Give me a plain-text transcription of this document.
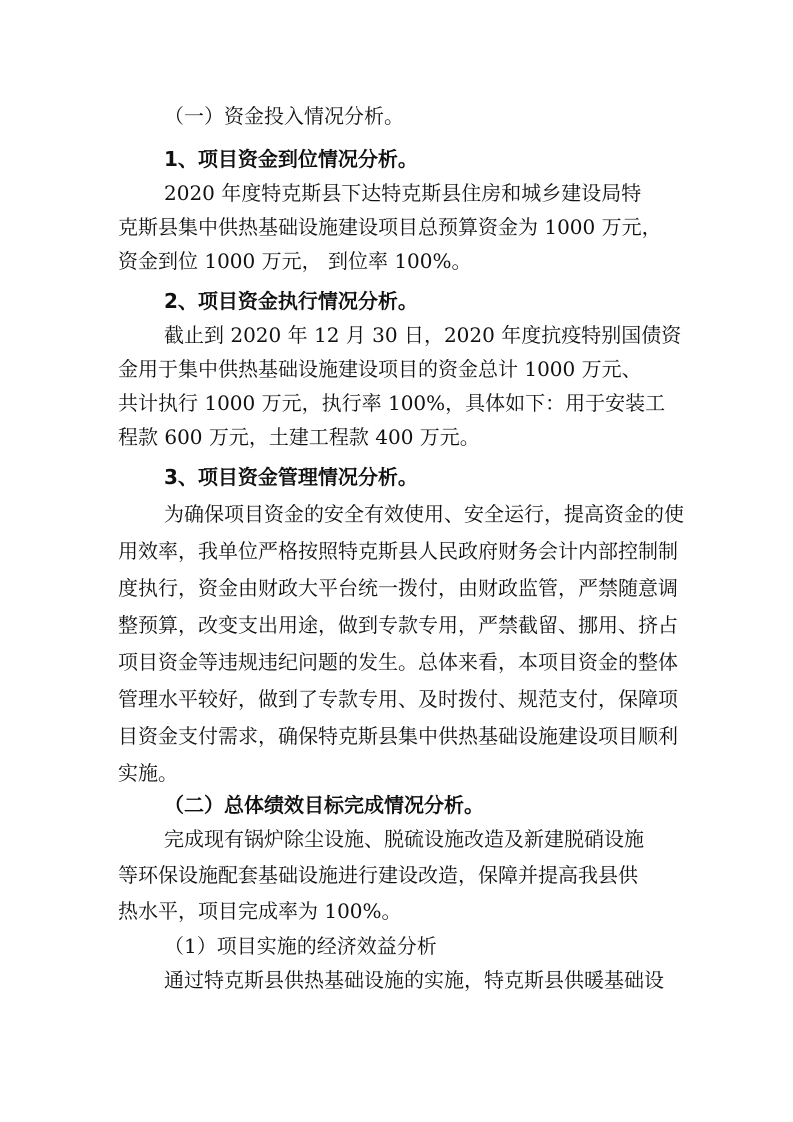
（一）资金投入情况分析。
1、项目资金到位情况分析。
2020 年度特克斯县下达特克斯县住房和城乡建设局特
克斯县集中供热基础设施建设项目总预算资金为 1000 万元，
资金到位 1000 万元， 到位率 100%。
2、项目资金执行情况分析。
截止到 2020 年 12 月 30 日，2020 年度抗疫特别国债资
金用于集中供热基础设施建设项目的资金总计 1000 万元、
共计执行 1000 万元，执行率 100%，具体如下：用于安装工
程款 600 万元，土建工程款 400 万元。
3、项目资金管理情况分析。
为确保项目资金的安全有效使用、安全运行，提高资金的使
用效率，我单位严格按照特克斯县人民政府财务会计内部控制制
度执行，资金由财政大平台统一拨付，由财政监管，严禁随意调
整预算，改变支出用途，做到专款专用，严禁截留、挪用、挤占
项目资金等违规违纪问题的发生。总体来看，本项目资金的整体
管理水平较好，做到了专款专用、及时拨付、规范支付，保障项
目资金支付需求，确保特克斯县集中供热基础设施建设项目顺利
实施。
（二）总体绩效目标完成情况分析。
完成现有锅炉除尘设施、脱硫设施改造及新建脱硝设施
等环保设施配套基础设施进行建设改造，保障并提高我县供
热水平，项目完成率为 100%。
（1）项目实施的经济效益分析
通过特克斯县供热基础设施的实施，特克斯县供暖基础设
